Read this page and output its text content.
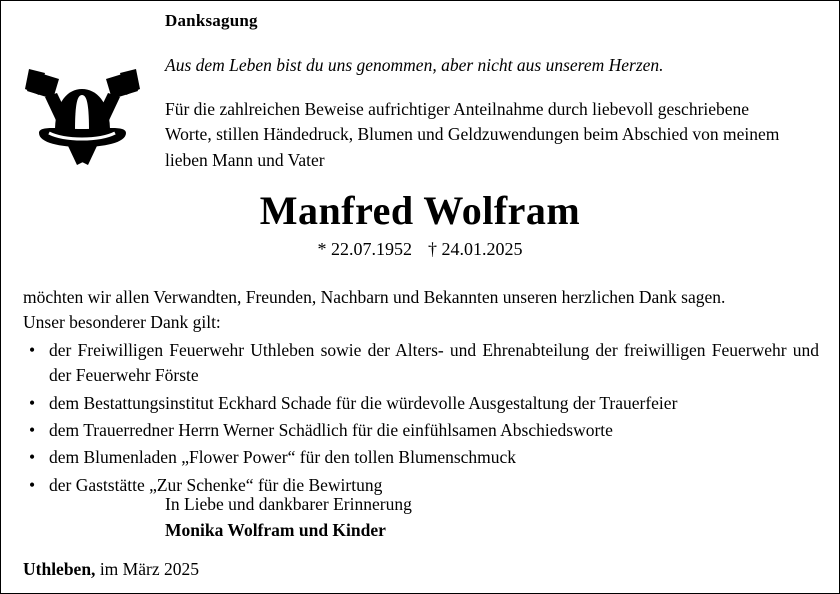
Danksagung
Aus dem Leben bist du uns genommen, aber nicht aus unserem Herzen.
Für die zahlreichen Beweise aufrichtiger Anteilnahme durch liebevoll geschriebene Worte, stillen Händedruck, Blumen und Geldzuwendungen beim Abschied von meinem lieben Mann und Vater
Manfred Wolfram
* 22.07.1952 † 24.01.2025
möchten wir allen Verwandten, Freunden, Nachbarn und Bekannten unseren herzlichen Dank sagen.
Unser besonderer Dank gilt:
• der Freiwilligen Feuerwehr Uthleben sowie der Alters- und Ehrenabteilung der freiwilligen Feuerwehr und der Feuerwehr Förste
• dem Bestattungsinstitut Eckhard Schade für die würdevolle Ausgestaltung der Trauerfeier
• dem Trauerredner Herrn Werner Schädlich für die einfühlsamen Abschiedsworte
• dem Blumenladen „Flower Power“ für den tollen Blumenschmuck
• der Gaststätte „Zur Schenke“ für die Bewirtung
In Liebe und dankbarer Erinnerung
Monika Wolfram und Kinder
Uthleben, im März 2025
